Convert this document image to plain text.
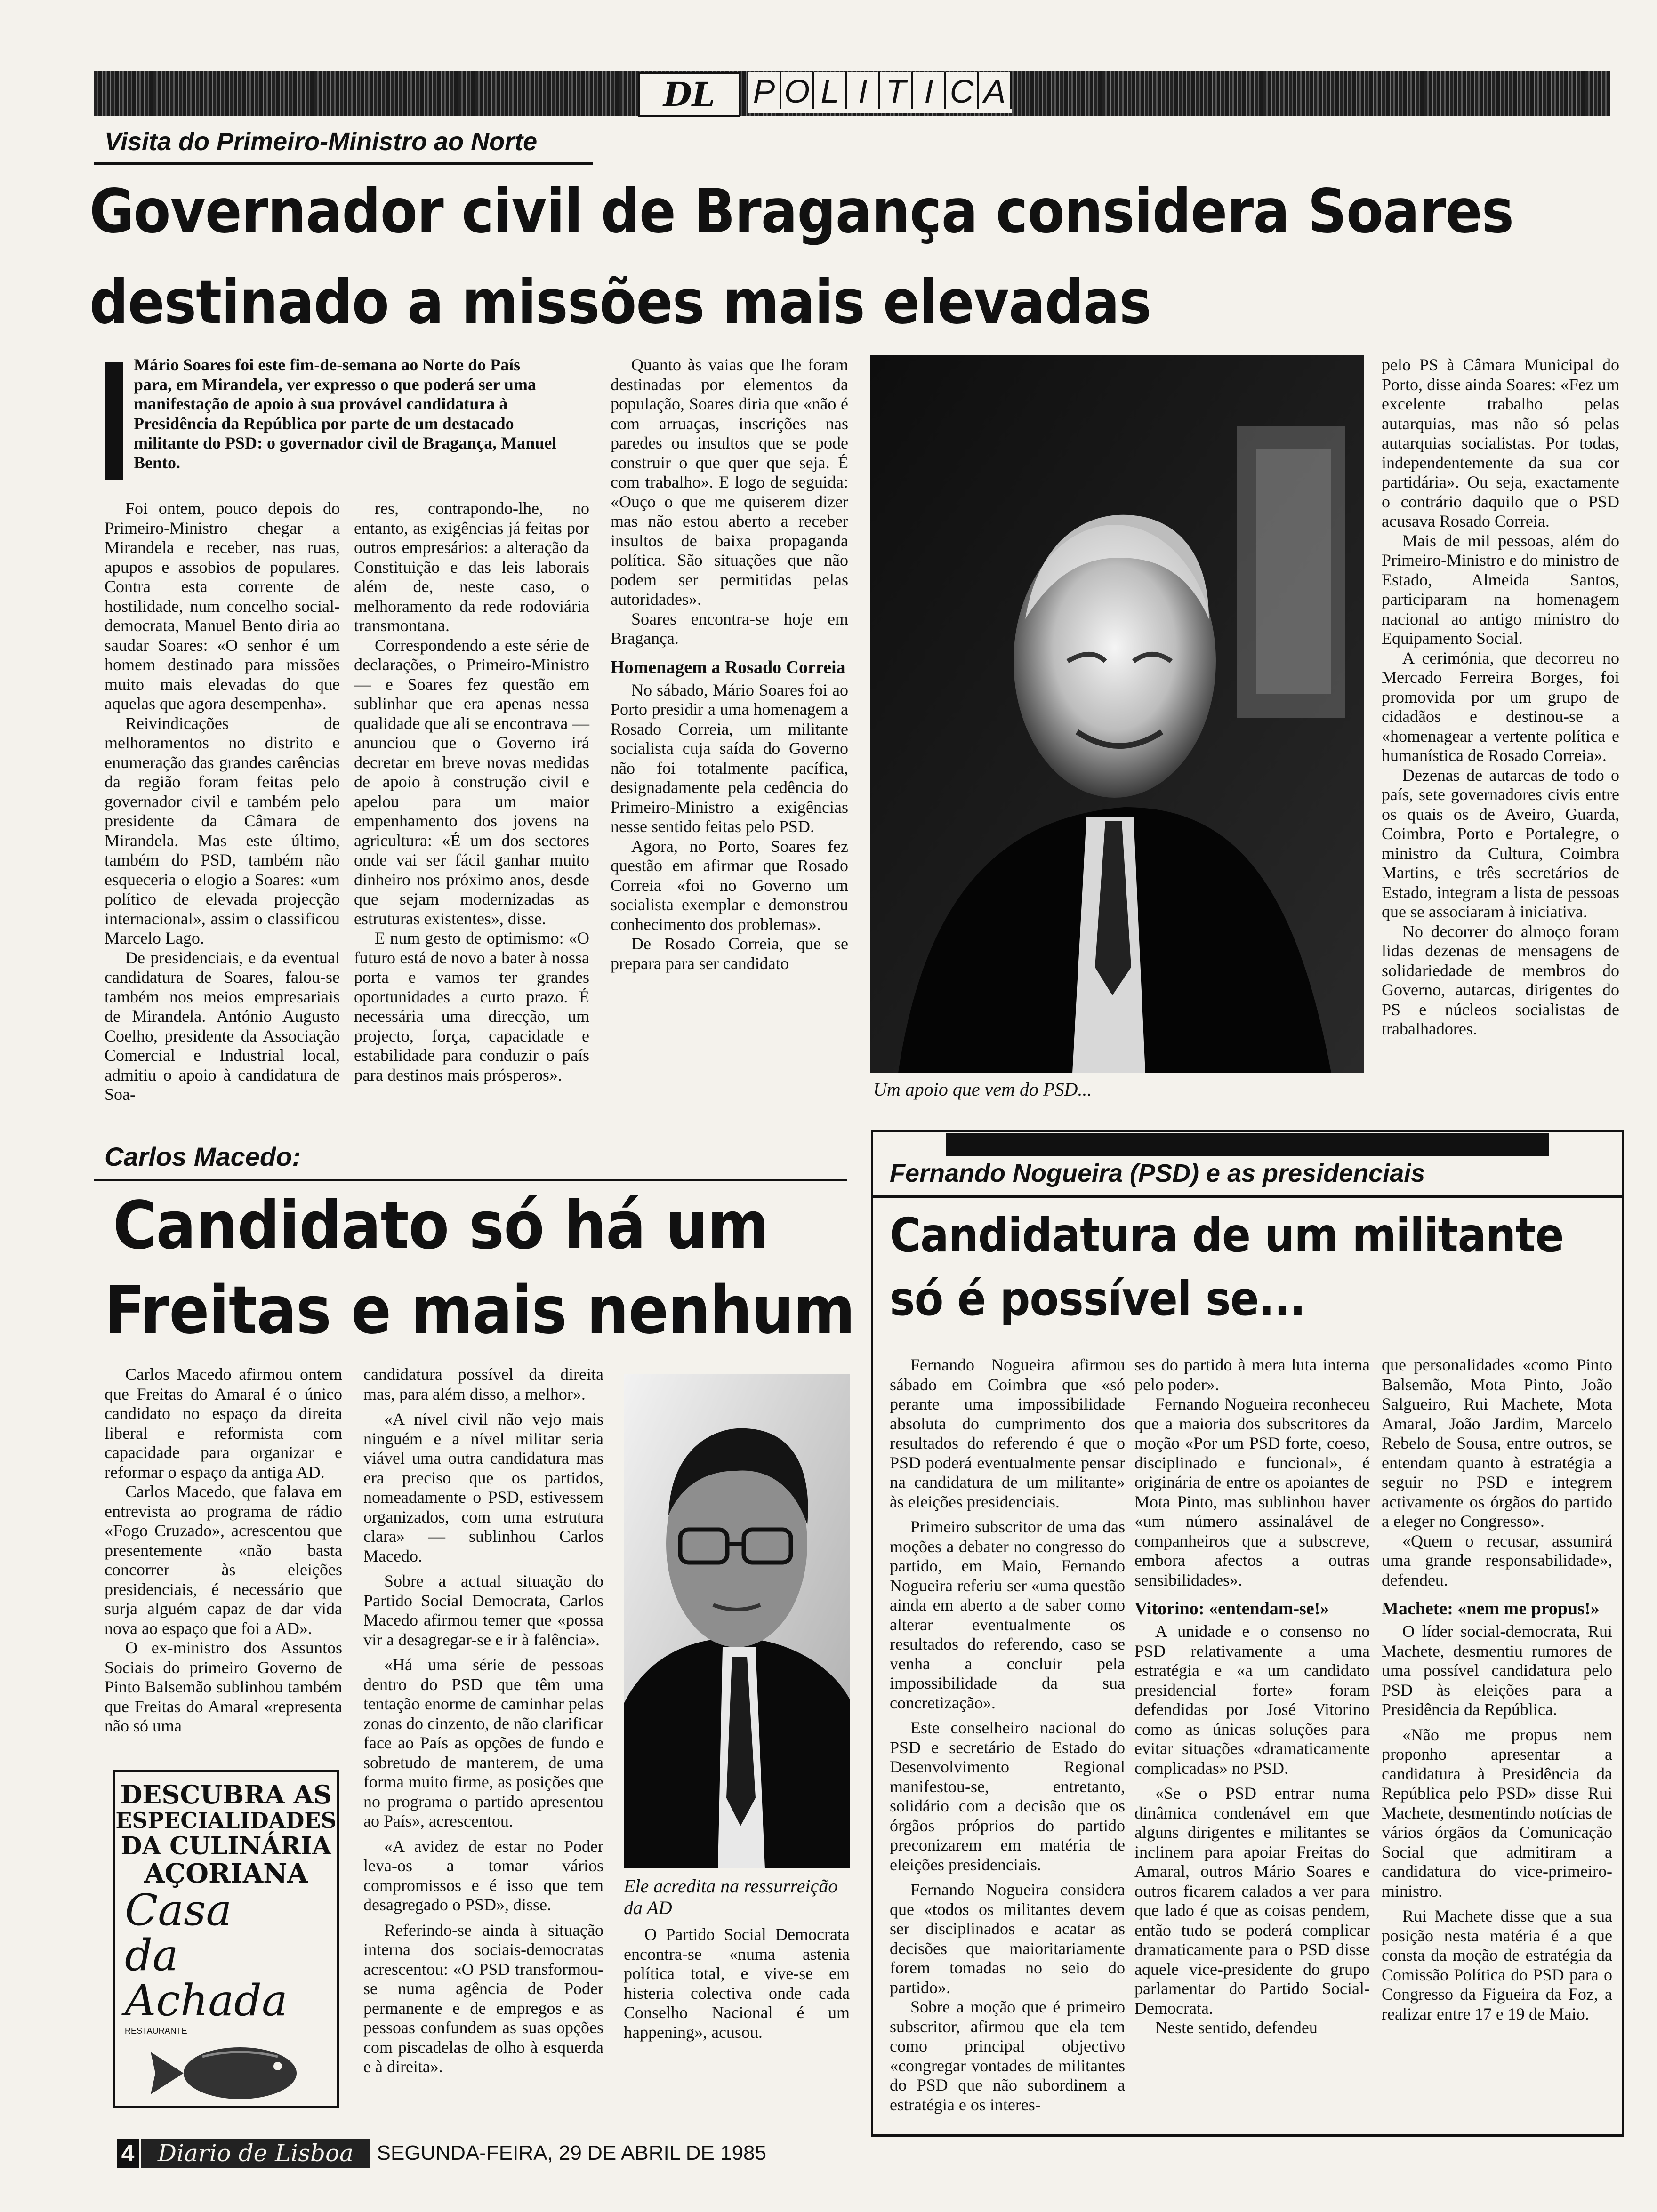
DL	P O L I T I C A
Visita do Primeiro-Ministro ao Norte
Governador civil de Bragança considera Soares
destinado a missões mais elevadas
Mário Soares foi este fim-de-semana ao Norte do País para, em Mirandela, ver expresso o que poderá ser uma manifestação de apoio à sua provável candidatura à Presidência da República por parte de um destacado militante do PSD: o governador civil de Bragança, Manuel Bento.

Foi ontem, pouco depois do Primeiro-Ministro chegar a Mirandela e receber, nas ruas, apupos e assobios de populares. Contra esta corrente de hostilidade, num concelho social-democrata, Manuel Bento diria ao saudar Soares: «O senhor é um homem destinado para missões muito mais elevadas do que aquelas que agora desempenha».

Reivindicações de melhoramentos no distrito e enumeração das grandes carências da região foram feitas pelo governador civil e também pelo presidente da Câmara de Mirandela. Mas este último, também do PSD, também não esqueceria o elogio a Soares: «um político de elevada projecção internacional», assim o classificou Marcelo Lago.

De presidenciais, e da eventual candidatura de Soares, falou-se também nos meios empresariais de Mirandela. António Augusto Coelho, presidente da Associação Comercial e Industrial local, admitiu o apoio à candidatura de Soa-

res, contrapondo-lhe, no entanto, as exigências já feitas por outros empresários: a alteração da Constituição e das leis laborais além de, neste caso, o melhoramento da rede rodoviária transmontana.

Correspondendo a este série de declarações, o Primeiro-Ministro — e Soares fez questão em sublinhar que era apenas nessa qualidade que ali se encontrava — anunciou que o Governo irá decretar em breve novas medidas de apoio à construção civil e apelou para um maior empenhamento dos jovens na agricultura: «É um dos sectores onde vai ser fácil ganhar muito dinheiro nos próximo anos, desde que sejam modernizadas as estruturas existentes», disse.

E num gesto de optimismo: «O futuro está de novo a bater à nossa porta e vamos ter grandes oportunidades a curto prazo. É necessária uma direcção, um projecto, força, capacidade e estabilidade para conduzir o país para destinos mais prósperos».

Quanto às vaias que lhe foram destinadas por elementos da população, Soares diria que «não é com arruaças, inscrições nas paredes ou insultos que se pode construir o que quer que seja. É com trabalho». E logo de seguida: «Ouço o que me quiserem dizer mas não estou aberto a receber insultos de baixa propaganda política. São situações que não podem ser permitidas pelas autoridades».

Soares encontra-se hoje em Bragança.

Homenagem a Rosado Correia

No sábado, Mário Soares foi ao Porto presidir a uma homenagem a Rosado Correia, um militante socialista cuja saída do Governo não foi totalmente pacífica, designadamente pela cedência do Primeiro-Ministro a exigências nesse sentido feitas pelo PSD.

Agora, no Porto, Soares fez questão em afirmar que Rosado Correia «foi no Governo um socialista exemplar e demonstrou conhecimento dos problemas».

De Rosado Correia, que se prepara para ser candidato

Um apoio que vem do PSD...

pelo PS à Câmara Municipal do Porto, disse ainda Soares: «Fez um excelente trabalho pelas autarquias, mas não só pelas autarquias socialistas. Por todas, independentemente da sua cor partidária». Ou seja, exactamente o contrário daquilo que o PSD acusava Rosado Correia.

Mais de mil pessoas, além do Primeiro-Ministro e do ministro de Estado, Almeida Santos, participaram na homenagem nacional ao antigo ministro do Equipamento Social.

A cerimónia, que decorreu no Mercado Ferreira Borges, foi promovida por um grupo de cidadãos e destinou-se a «homenagear a vertente política e humanística de Rosado Correia».

Dezenas de autarcas de todo o país, sete governadores civis entre os quais os de Aveiro, Guarda, Coimbra, Porto e Portalegre, o ministro da Cultura, Coimbra Martins, e três secretários de Estado, integram a lista de pessoas que se associaram à iniciativa.

No decorrer do almoço foram lidas dezenas de mensagens de solidariedade de membros do Governo, autarcas, dirigentes do PS e núcleos socialistas de trabalhadores.

Carlos Macedo:
Candidato só há um
Freitas e mais nenhum

Carlos Macedo afirmou ontem que Freitas do Amaral é o único candidato no espaço da direita liberal e reformista com capacidade para organizar e reformar o espaço da antiga AD.

Carlos Macedo, que falava em entrevista ao programa de rádio «Fogo Cruzado», acrescentou que presentemente «não basta concorrer às eleições presidenciais, é necessário que surja alguém capaz de dar vida nova ao espaço que foi a AD».

O ex-ministro dos Assuntos Sociais do primeiro Governo de Pinto Balsemão sublinhou também que Freitas do Amaral «representa não só uma

DESCUBRA AS
ESPECIALIDADES
DA CULINÁRIA
AÇORIANA
Casa
da Achada
RESTAURANTE

candidatura possível da direita mas, para além disso, a melhor».

«A nível civil não vejo mais ninguém e a nível militar seria viável uma outra candidatura mas era preciso que os partidos, nomeadamente o PSD, estivessem organizados, com uma estrutura clara» — sublinhou Carlos Macedo.

Sobre a actual situação do Partido Social Democrata, Carlos Macedo afirmou temer que «possa vir a desagregar-se e ir à falência».

«Há uma série de pessoas dentro do PSD que têm uma tentação enorme de caminhar pelas zonas do cinzento, de não clarificar face ao País as opções de fundo e sobretudo de manterem, de uma forma muito firme, as posições que no programa o partido apresentou ao País», acrescentou.

«A avidez de estar no Poder leva-os a tomar vários compromissos e é isso que tem desagregado o PSD», disse.

Referindo-se ainda à situação interna dos sociais-democratas acrescentou: «O PSD transformou-se numa agência de Poder permanente e de empregos e as pessoas confundem as suas opções com piscadelas de olho à esquerda e à direita».

Ele acredita na ressurreição da AD

O Partido Social Democrata encontra-se «numa astenia política total, e vive-se em histeria colectiva onde cada Conselho Nacional é um happening», acusou.

Fernando Nogueira (PSD) e as presidenciais
Candidatura de um militante
só é possível se...

Fernando Nogueira afirmou sábado em Coimbra que «só perante uma impossibilidade absoluta do cumprimento dos resultados do referendo é que o PSD poderá eventualmente pensar na candidatura de um militante» às eleições presidenciais.

Primeiro subscritor de uma das moções a debater no congresso do partido, em Maio, Fernando Nogueira referiu ser «uma questão ainda em aberto a de saber como alterar eventualmente os resultados do referendo, caso se venha a concluir pela impossibilidade da sua concretização».

Este conselheiro nacional do PSD e secretário de Estado do Desenvolvimento Regional manifestou-se, entretanto, solidário com a decisão que os órgãos próprios do partido preconizarem em matéria de eleições presidenciais.

Fernando Nogueira considera que «todos os militantes devem ser disciplinados e acatar as decisões que maioritariamente forem tomadas no seio do partido».

Sobre a moção que é primeiro subscritor, afirmou que ela tem como principal objectivo «congregar vontades de militantes do PSD que não subordinem a estratégia e os interes-

ses do partido à mera luta interna pelo poder».

Fernando Nogueira reconheceu que a maioria dos subscritores da moção «Por um PSD forte, coeso, disciplinado e funcional», é originária de entre os apoiantes de Mota Pinto, mas sublinhou haver «um número assinalável de companheiros que a subscreve, embora afectos a outras sensibilidades».

Vitorino: «entendam-se!»

A unidade e o consenso no PSD relativamente a uma estratégia e «a um candidato presidencial forte» foram defendidas por José Vitorino como as únicas soluções para evitar situações «dramaticamente complicadas» no PSD.

«Se o PSD entrar numa dinâmica condenável em que alguns dirigentes e militantes se inclinem para apoiar Freitas do Amaral, outros Mário Soares e outros ficarem calados a ver para que lado é que as coisas pendem, então tudo se poderá complicar dramaticamente para o PSD disse aquele vice-presidente do grupo parlamentar do Partido Social-Democrata.

Neste sentido, defendeu

que personalidades «como Pinto Balsemão, Mota Pinto, João Salgueiro, Rui Machete, Mota Amaral, João Jardim, Marcelo Rebelo de Sousa, entre outros, se entendam quanto à estratégia a seguir no PSD e integrem activamente os órgãos do partido a eleger no Congresso».

«Quem o recusar, assumirá uma grande responsabilidade», defendeu.

Machete: «nem me propus!»

O líder social-democrata, Rui Machete, desmentiu rumores de uma possível candidatura pelo PSD às eleições para a Presidência da República.

«Não me propus nem proponho apresentar a candidatura à Presidência da República pelo PSD» disse Rui Machete, desmentindo notícias de vários órgãos da Comunicação Social que admitiram a candidatura do vice-primeiro-ministro.

Rui Machete disse que a sua posição nesta matéria é a que consta da moção de estratégia da Comissão Política do PSD para o Congresso da Figueira da Foz, a realizar entre 17 e 19 de Maio.

4 Diario de Lisboa	SEGUNDA-FEIRA, 29 DE ABRIL DE 1985
